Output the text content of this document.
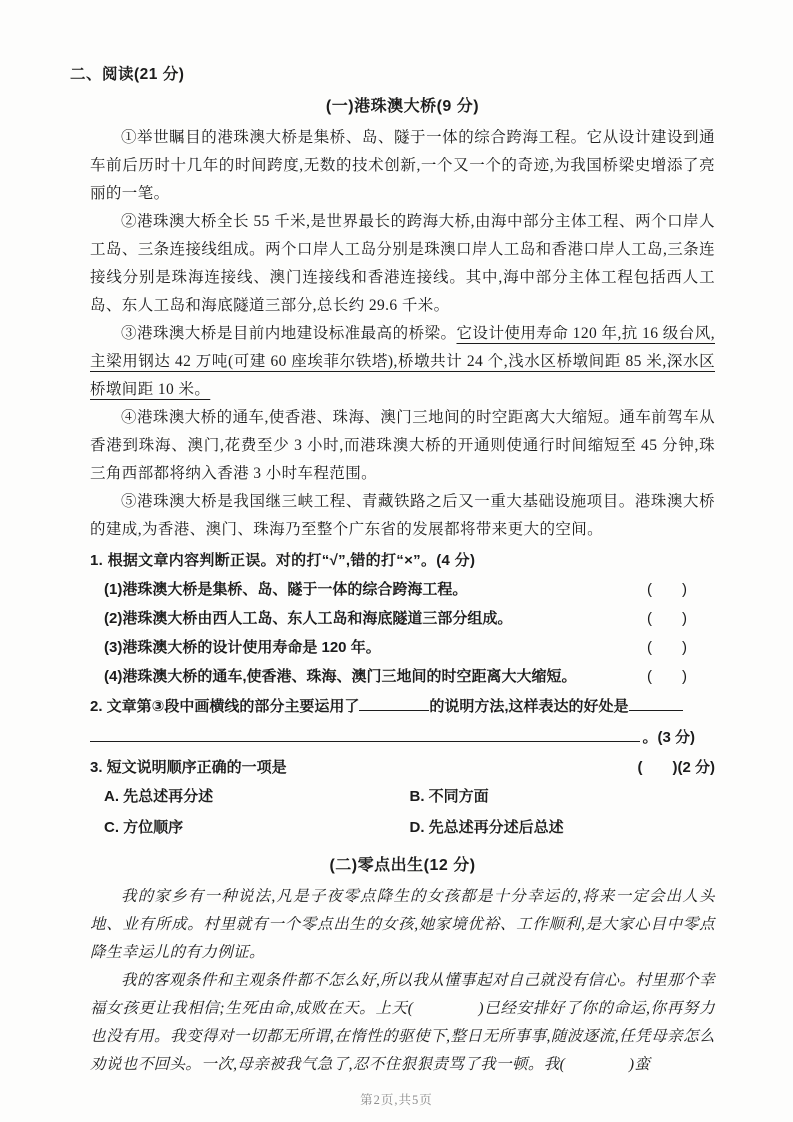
二、阅读(21 分)
(一)港珠澳大桥(9 分)

①举世瞩目的港珠澳大桥是集桥、岛、隧于一体的综合跨海工程。它从设计建设到通车前后历时十几年的时间跨度,无数的技术创新,一个又一个的奇迹,为我国桥梁史增添了亮丽的一笔。

②港珠澳大桥全长 55 千米,是世界最长的跨海大桥,由海中部分主体工程、两个口岸人工岛、三条连接线组成。两个口岸人工岛分别是珠澳口岸人工岛和香港口岸人工岛,三条连接线分别是珠海连接线、澳门连接线和香港连接线。其中,海中部分主体工程包括西人工岛、东人工岛和海底隧道三部分,总长约 29.6 千米。

③港珠澳大桥是目前内地建设标准最高的桥梁。它设计使用寿命 120 年,抗 16 级台风,主梁用钢达 42 万吨(可建 60 座埃菲尔铁塔),桥墩共计 24 个,浅水区桥墩间距 85 米,深水区桥墩间距 10 米。

④港珠澳大桥的通车,使香港、珠海、澳门三地间的时空距离大大缩短。通车前驾车从香港到珠海、澳门,花费至少 3 小时,而港珠澳大桥的开通则使通行时间缩短至 45 分钟,珠三角西部都将纳入香港 3 小时车程范围。

⑤港珠澳大桥是我国继三峡工程、青藏铁路之后又一重大基础设施项目。港珠澳大桥的建成,为香港、澳门、珠海乃至整个广东省的发展都将带来更大的空间。

1. 根据文章内容判断正误。对的打“√”,错的打“×”。(4 分)
(1)港珠澳大桥是集桥、岛、隧于一体的综合跨海工程。	(　　)
(2)港珠澳大桥由西人工岛、东人工岛和海底隧道三部分组成。	(　　)
(3)港珠澳大桥的设计使用寿命是 120 年。	(　　)
(4)港珠澳大桥的通车,使香港、珠海、澳门三地间的时空距离大大缩短。	(　　)
2. 文章第③段中画横线的部分主要运用了	的说明方法,这样表达的好处是
。(3 分)
3. 短文说明顺序正确的一项是	(　　)(2 分)
A. 先总述再分述	B. 不同方面
C. 方位顺序	D. 先总述再分述后总述
(二)零点出生(12 分)

我的家乡有一种说法,凡是子夜零点降生的女孩都是十分幸运的,将来一定会出人头地、业有所成。村里就有一个零点出生的女孩,她家境优裕、工作顺利,是大家心目中零点降生幸运儿的有力例证。

我的客观条件和主观条件都不怎么好,所以我从懂事起对自己就没有信心。村里那个幸福女孩更让我相信;生死由命,成败在天。上天(　　　　)已经安排好了你的命运,你再努力也没有用。我变得对一切都无所谓,在惰性的驱使下,整日无所事事,随波逐流,任凭母亲怎么劝说也不回头。一次,母亲被我气急了,忍不住狠狠责骂了我一顿。我(　　　　)蛮

第2页,共5页
